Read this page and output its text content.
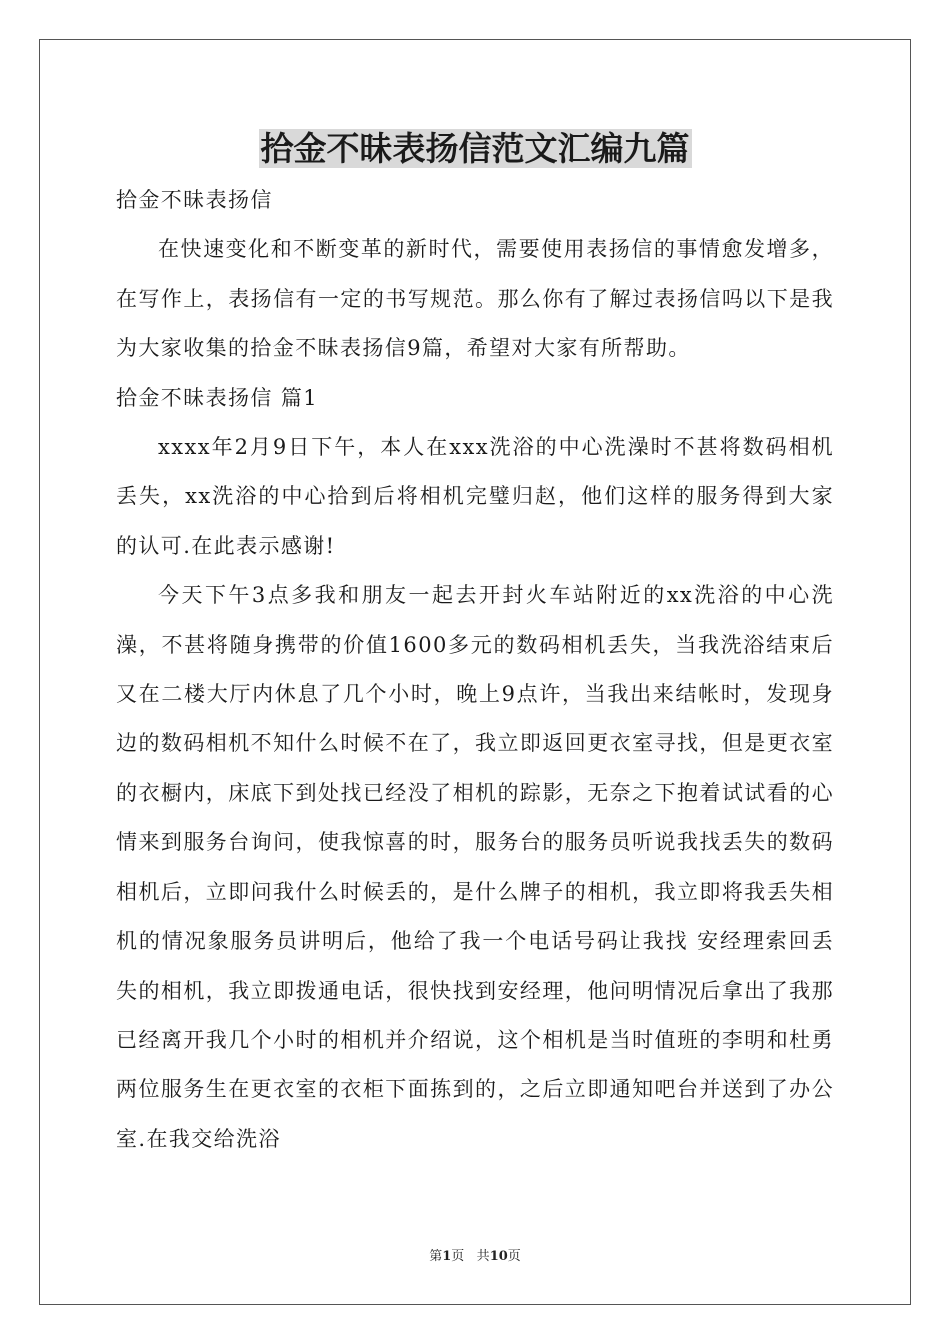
拾金不昧表扬信范文汇编九篇

拾金不昧表扬信

在快速变化和不断变革的新时代，需要使用表扬信的事情愈发增多，在写作上，表扬信有一定的书写规范。那么你有了解过表扬信吗以下是我为大家收集的拾金不昧表扬信9篇，希望对大家有所帮助。

拾金不昧表扬信 篇1

xxxx年2月9日下午，本人在xxx洗浴的中心洗澡时不甚将数码相机丢失，xx洗浴的中心拾到后将相机完璧归赵，他们这样的服务得到大家的认可.在此表示感谢!

今天下午3点多我和朋友一起去开封火车站附近的xx洗浴的中心洗澡，不甚将随身携带的价值1600多元的数码相机丢失，当我洗浴结束后又在二楼大厅内休息了几个小时，晚上9点许，当我出来结帐时，发现身边的数码相机不知什么时候不在了，我立即返回更衣室寻找，但是更衣室的衣橱内，床底下到处找已经没了相机的踪影，无奈之下抱着试试看的心情来到服务台询问，使我惊喜的时，服务台的服务员听说我找丢失的数码相机后，立即问我什么时候丢的，是什么牌子的相机，我立即将我丢失相机的情况象服务员讲明后，他给了我一个电话号码让我找 安经理索回丢失的相机，我立即拨通电话，很快找到安经理，他问明情况后拿出了我那已经离开我几个小时的相机并介绍说，这个相机是当时值班的李明和杜勇两位服务生在更衣室的衣柜下面拣到的，之后立即通知吧台并送到了办公室.在我交给洗浴

第1页 共10页
